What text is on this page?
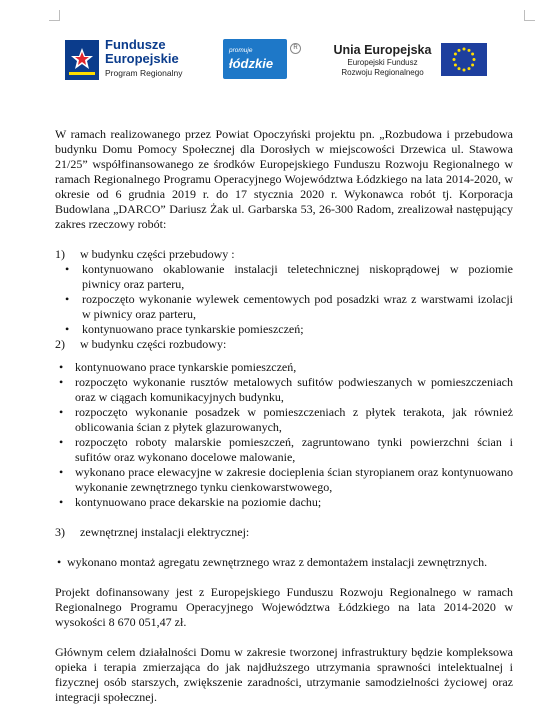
Fundusze
Europejskie
Program Regionalny
promuje
łódzkie
R	Unia Europejska
Europejski Fundusz
Rozwoju Regionalnego

W ramach realizowanego przez Powiat Opoczyński projektu pn. „Rozbudowa i przebudowa budynku Domu Pomocy Społecznej dla Dorosłych w miejscowości Drzewica ul. Stawowa 21/25” współfinansowanego ze środków Europejskiego Funduszu Rozwoju Regionalnego w ramach Regionalnego Programu Operacyjnego Województwa Łódzkiego na lata 2014-2020, w okresie od 6 grudnia 2019 r. do 17 stycznia 2020 r. Wykonawca robót tj. Korporacja Budowlana „DARCO” Dariusz Żak ul. Garbarska 53, 26-300 Radom, zrealizował następujący zakres rzeczowy robót:

1) w budynku części przebudowy :

• kontynuowano okablowanie instalacji teletechnicznej niskoprądowej w poziomie piwnicy oraz parteru,
• rozpoczęto wykonanie wylewek cementowych pod posadzki wraz z warstwami izolacji w piwnicy oraz parteru,
• kontynuowano prace tynkarskie pomieszczeń;

2) w budynku części rozbudowy:

• kontynuowano prace tynkarskie pomieszczeń,
• rozpoczęto wykonanie rusztów metalowych sufitów podwieszanych w pomieszczeniach oraz w ciągach komunikacyjnych budynku,
• rozpoczęto wykonanie posadzek w pomieszczeniach z płytek terakota, jak również oblicowania ścian z płytek glazurowanych,
• rozpoczęto roboty malarskie pomieszczeń, zagruntowano tynki powierzchni ścian i sufitów oraz wykonano docelowe malowanie,
• wykonano prace elewacyjne w zakresie docieplenia ścian styropianem oraz kontynuowano wykonanie zewnętrznego tynku cienkowarstwowego,
• kontynuowano prace dekarskie na poziomie dachu;

3) zewnętrznej instalacji elektrycznej:

• wykonano montaż agregatu zewnętrznego wraz z demontażem instalacji zewnętrznych.

Projekt dofinansowany jest z Europejskiego Funduszu Rozwoju Regionalnego w ramach Regionalnego Programu Operacyjnego Województwa Łódzkiego na lata 2014-2020 w wysokości 8 670 051,47 zł.

Głównym celem działalności Domu w zakresie tworzonej infrastruktury będzie kompleksowa opieka i terapia zmierzająca do jak najdłuższego utrzymania sprawności intelektualnej i fizycznej osób starszych, zwiększenie zaradności, utrzymanie samodzielności życiowej oraz integracji społecznej.
